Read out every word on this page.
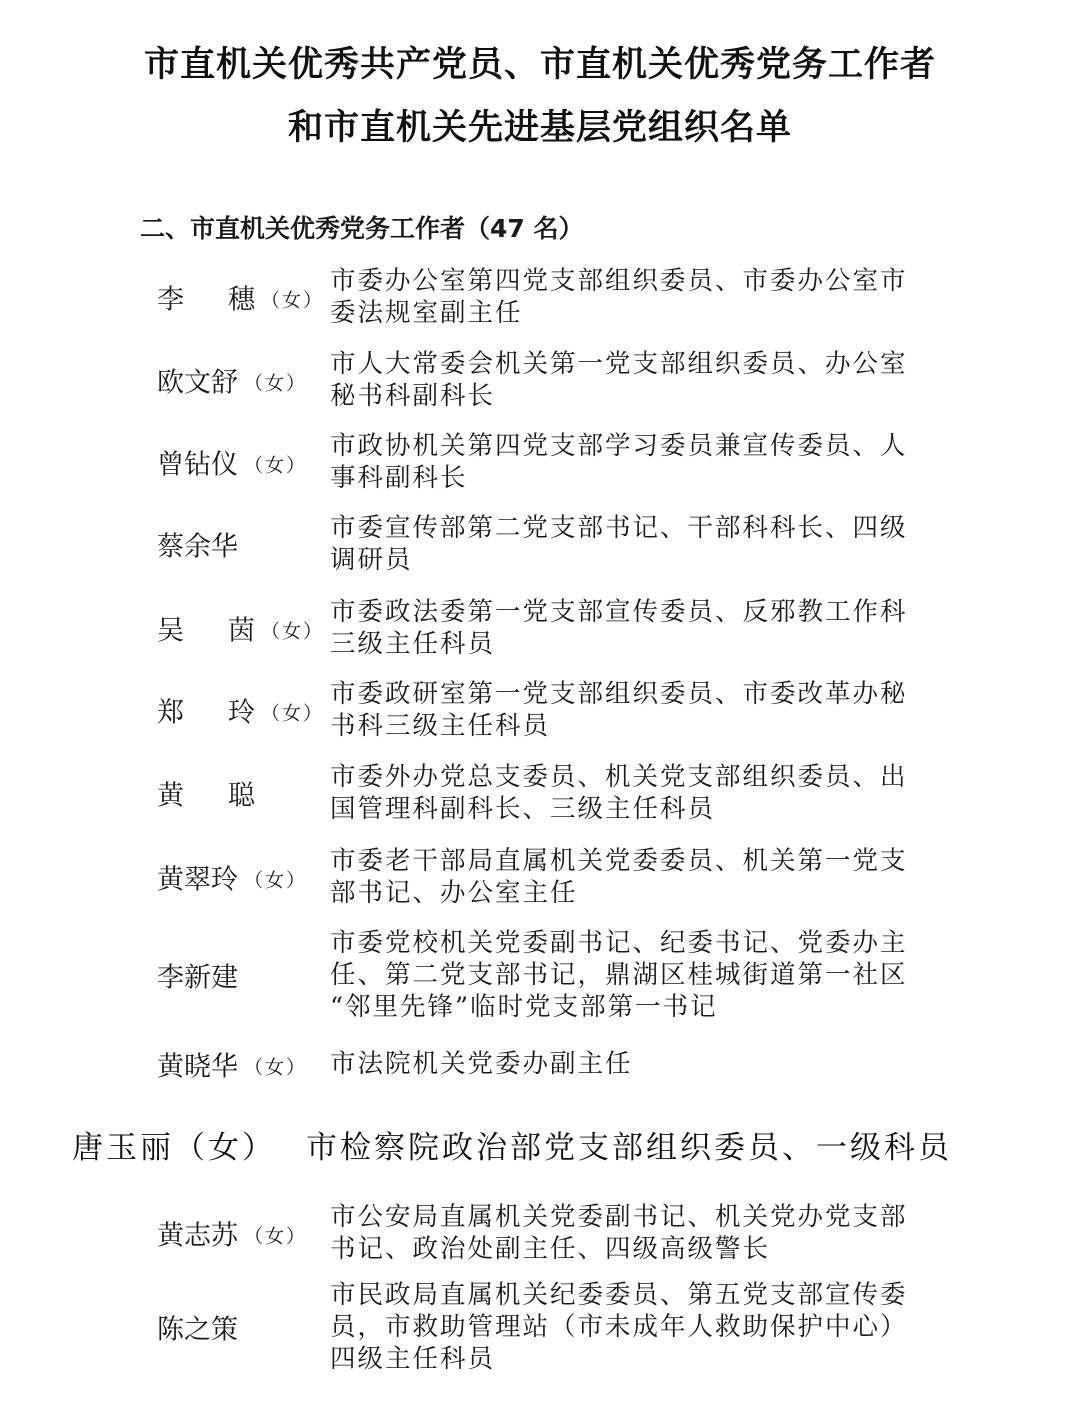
市直机关优秀共产党员、市直机关优秀党务工作者
和市直机关先进基层党组织名单
二、市直机关优秀党务工作者（47 名）
李 穗 （女）
市委办公室第四党支部组织委员、市委办公室市
委法规室副主任
欧文舒 （女）
市人大常委会机关第一党支部组织委员、办公室
秘书科副科长
曾钻仪 （女）
市政协机关第四党支部学习委员兼宣传委员、人
事科副科长
蔡余华
市委宣传部第二党支部书记、干部科科长、四级
调研员
吴 茵 （女）
市委政法委第一党支部宣传委员、反邪教工作科
三级主任科员
郑 玲 （女）
市委政研室第一党支部组织委员、市委改革办秘
书科三级主任科员
黄 聪
市委外办党总支委员、机关党支部组织委员、出
国管理科副科长、三级主任科员
黄翠玲 （女）
市委老干部局直属机关党委委员、机关第一党支
部书记、办公室主任
李新建
市委党校机关党委副书记、纪委书记、党委办主
任、第二党支部书记，鼎湖区桂城街道第一社区
“邻里先锋”临时党支部第一书记
黄晓华 （女） 市法院机关党委办副主任
唐玉丽（女） 市检察院政治部党支部组织委员、一级科员
黄志苏 （女）
市公安局直属机关党委副书记、机关党办党支部
书记、政治处副主任、四级高级警长
陈之策
市民政局直属机关纪委委员、第五党支部宣传委
员，市救助管理站（市未成年人救助保护中心）
四级主任科员
